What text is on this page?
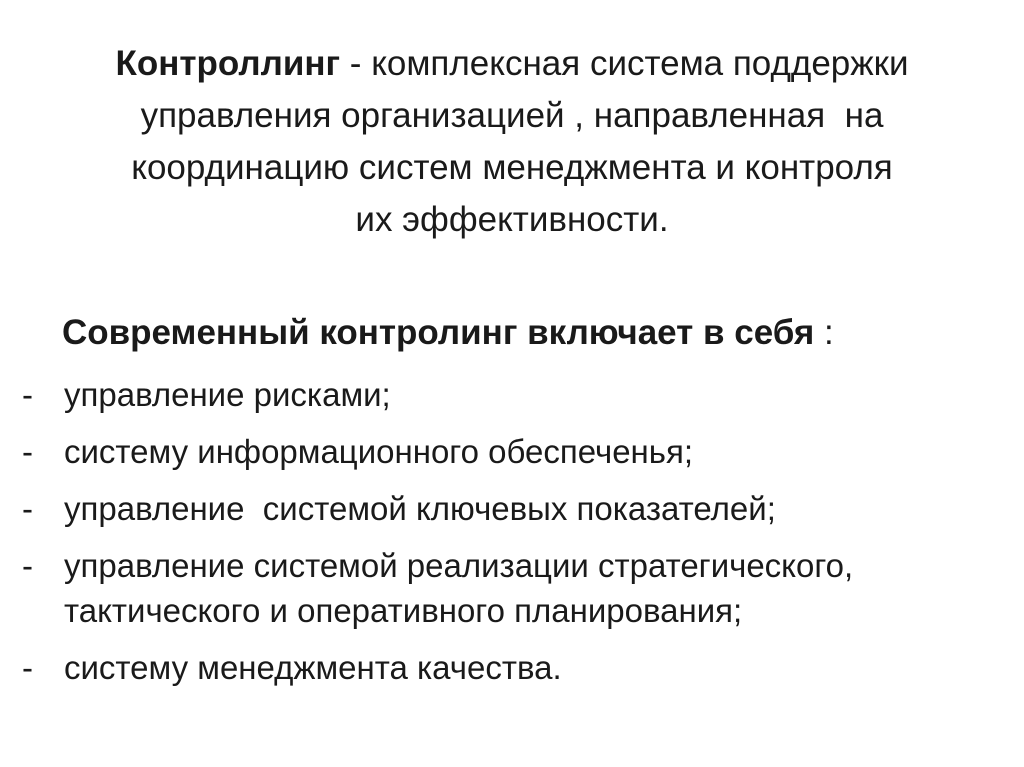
Контроллинг - комплексная система поддержки
управления организацией , направленная  на
координацию систем менеджмента и контроля
их эффективности.
Современный контролинг включает в себя :
- управление рисками;
- систему информационного обеспеченья;
- управление  системой ключевых показателей;
- управление системой реализации стратегического,
тактического и оперативного планирования;
- систему менеджмента качества.
